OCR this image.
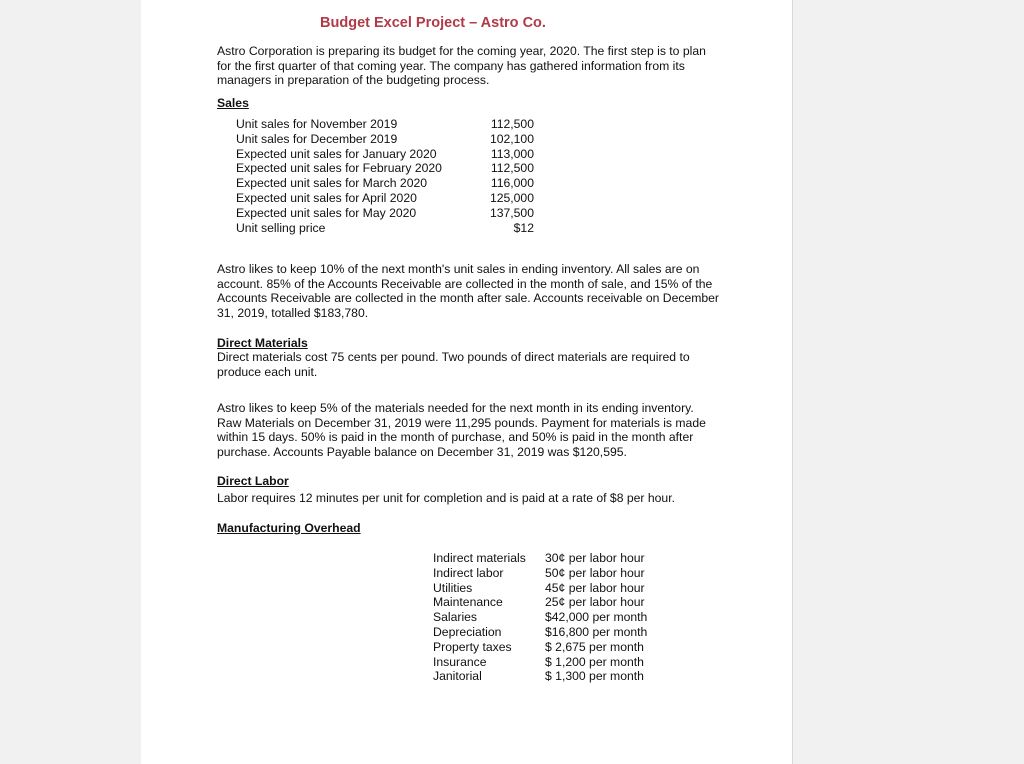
Budget Excel Project – Astro Co.
Astro Corporation is preparing its budget for the coming year, 2020. The first step is to plan for the first quarter of that coming year. The company has gathered information from its managers in preparation of the budgeting process.
Sales
Unit sales for November 2019	112,500
Unit sales for December 2019	102,100
Expected unit sales for January 2020	113,000
Expected unit sales for February 2020	112,500
Expected unit sales for March 2020	116,000
Expected unit sales for April 2020	125,000
Expected unit sales for May 2020	137,500
Unit selling price	$12
Astro likes to keep 10% of the next month's unit sales in ending inventory. All sales are on account. 85% of the Accounts Receivable are collected in the month of sale, and 15% of the Accounts Receivable are collected in the month after sale. Accounts receivable on December 31, 2019, totalled $183,780.
Direct Materials
Direct materials cost 75 cents per pound. Two pounds of direct materials are required to produce each unit.
Astro likes to keep 5% of the materials needed for the next month in its ending inventory. Raw Materials on December 31, 2019 were 11,295 pounds. Payment for materials is made within 15 days. 50% is paid in the month of purchase, and 50% is paid in the month after purchase. Accounts Payable balance on December 31, 2019 was $120,595.
Direct Labor
Labor requires 12 minutes per unit for completion and is paid at a rate of $8 per hour.
Manufacturing Overhead
Indirect materials	30¢ per labor hour
Indirect labor	50¢ per labor hour
Utilities	45¢ per labor hour
Maintenance	25¢ per labor hour
Salaries	$42,000 per month
Depreciation	$16,800 per month
Property taxes	$ 2,675 per month
Insurance	$ 1,200 per month
Janitorial	$ 1,300 per month
